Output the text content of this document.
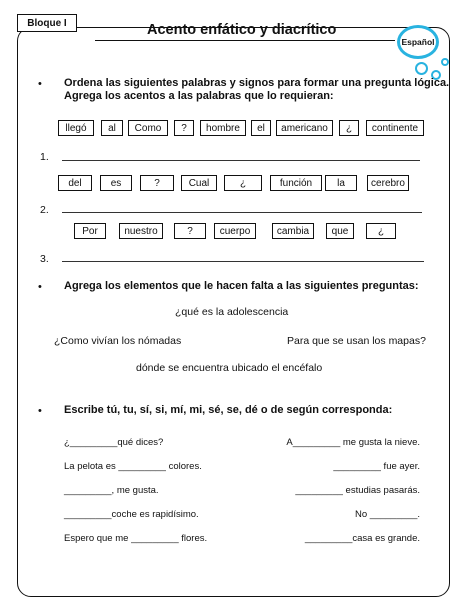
Bloque I	Acento enfático y diacrítico
Español
• Ordena las siguientes palabras y signos para formar una pregunta lógica.
Agrega los acentos a las palabras que lo requieran:
llegó	al	Como	?	hombre	el	americano	¿	continente
1.
del	es	?	Cual	¿	función	la	cerebro
2.
Por	nuestro	?	cuerpo	cambia	que	¿
3.
• Agrega los elementos que le hacen falta a las siguientes preguntas:
¿qué es la adolescencia
¿Como vivían los nómadas	Para que se usan los mapas?
dónde se encuentra ubicado el encéfalo
• Escribe tú, tu, sí, si, mí, mi, sé, se, dé o de según corresponda:
¿_________qué dices?
La pelota es _________ colores.
_________, me gusta.
_________coche es rapidísimo.
Espero que me _________ flores.
A_________ me gusta la nieve.
_________ fue ayer.
_________ estudias pasarás.
No _________.
_________casa es grande.
